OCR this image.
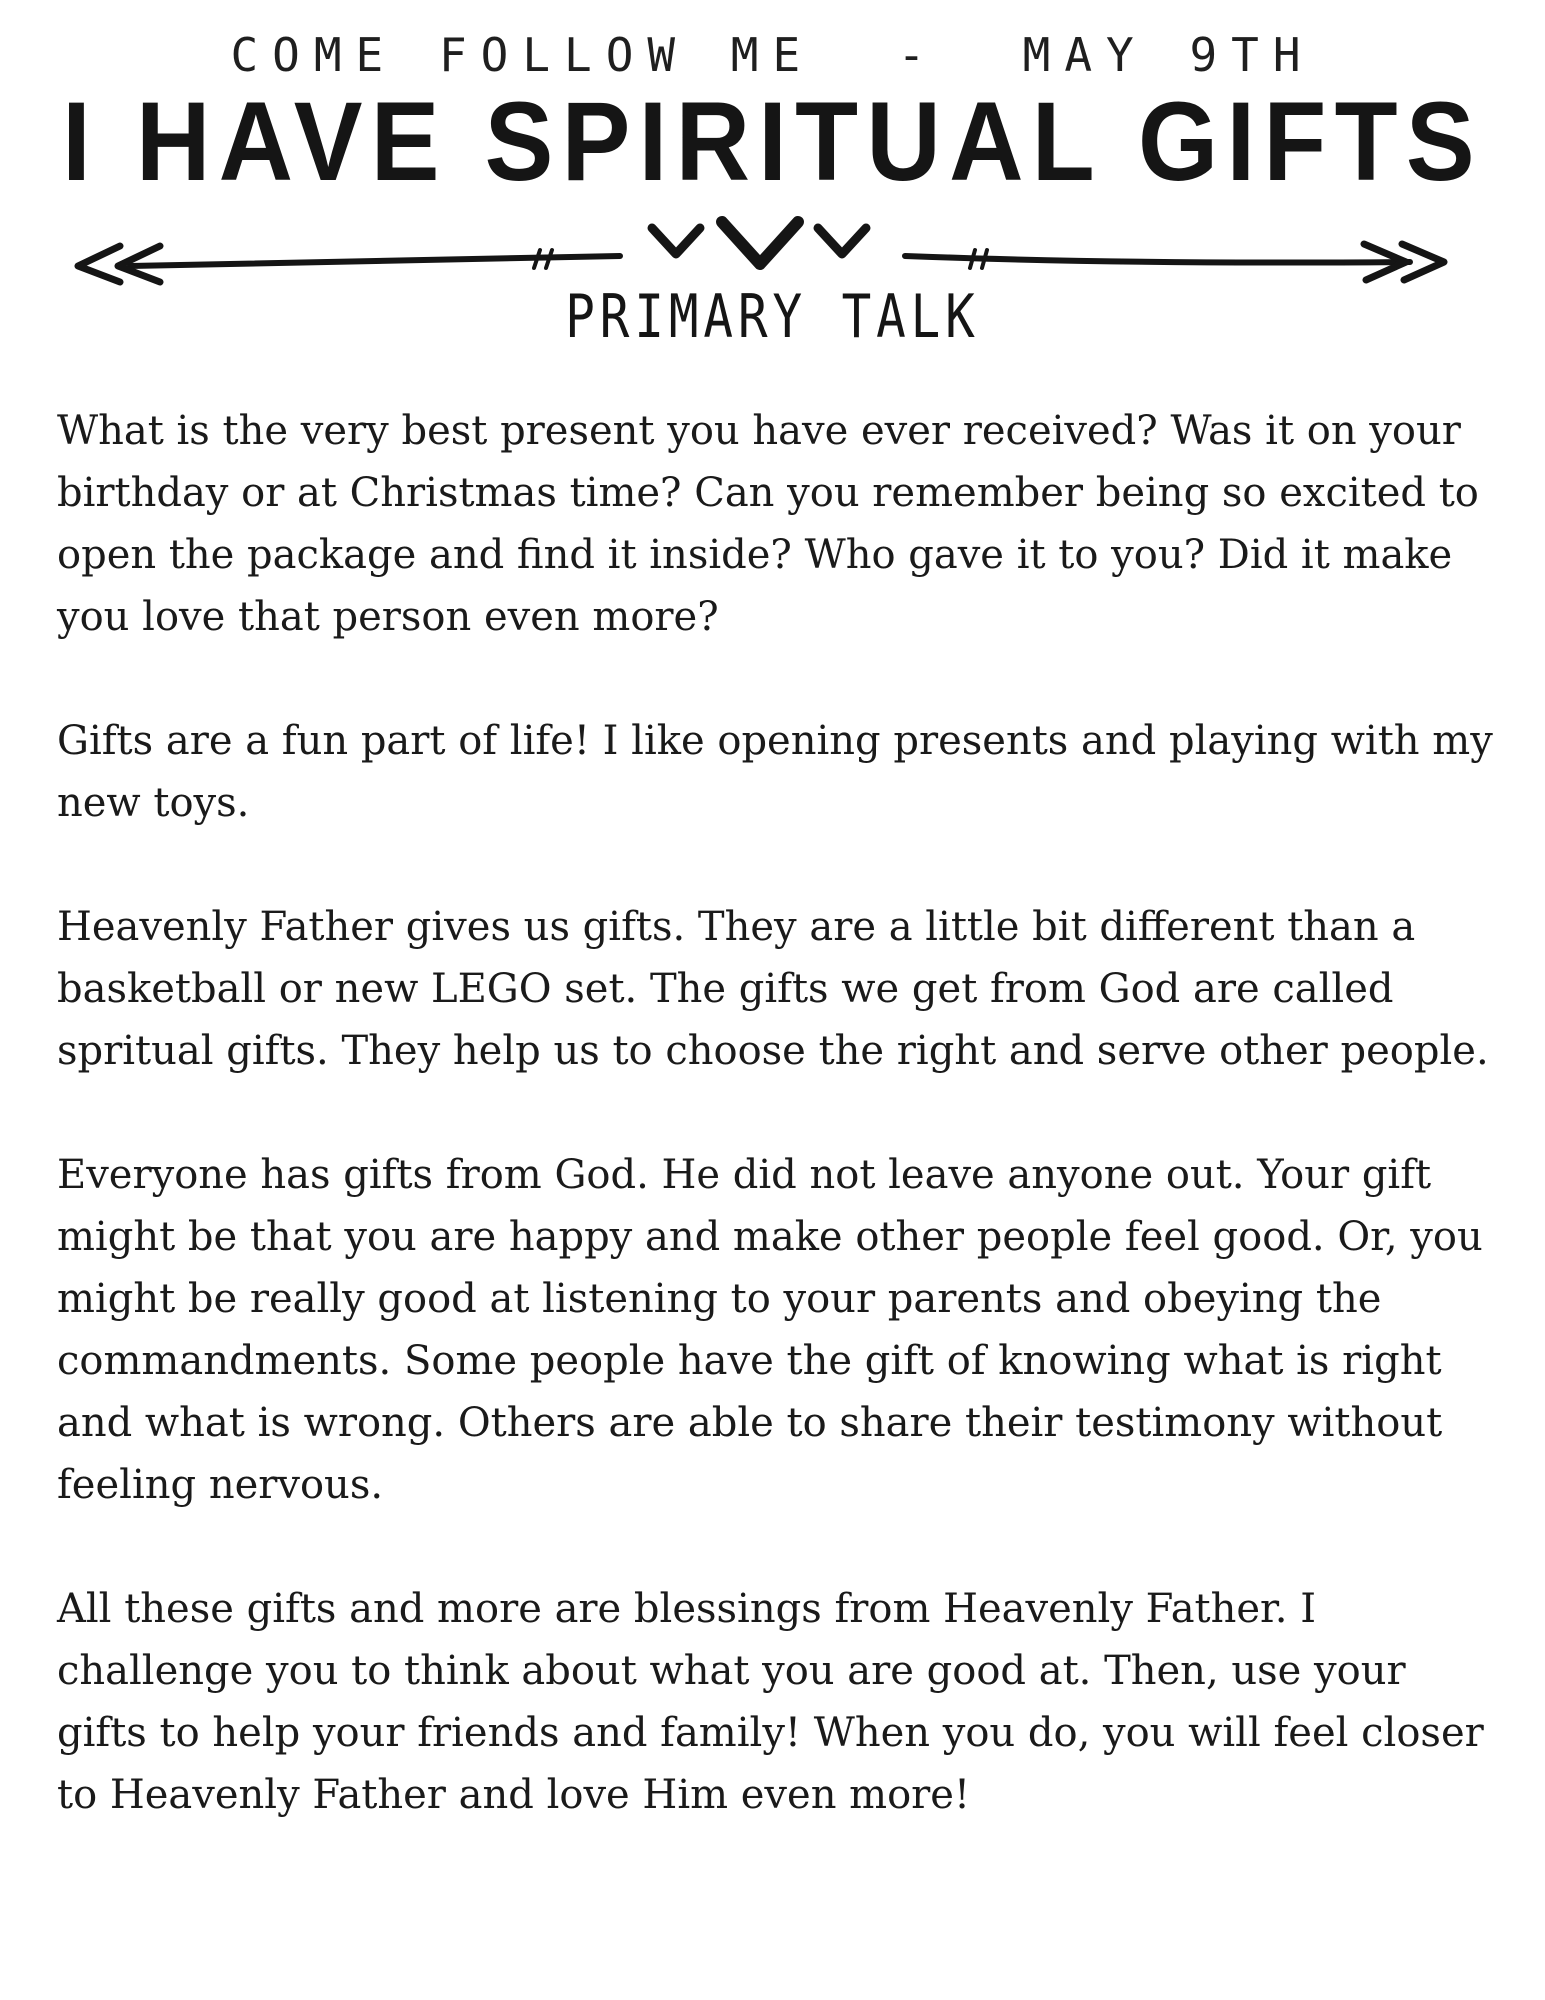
COME FOLLOW ME  -  MAY 9TH
I HAVE SPIRITUAL GIFTS
PRIMARY TALK

What is the very best present you have ever received? Was it on your birthday or at Christmas time? Can you remember being so excited to open the package and find it inside? Who gave it to you? Did it make you love that person even more?

Gifts are a fun part of life! I like opening presents and playing with my new toys.

Heavenly Father gives us gifts. They are a little bit different than a basketball or new LEGO set. The gifts we get from God are called spritual gifts. They help us to choose the right and serve other people.

Everyone has gifts from God. He did not leave anyone out. Your gift might be that you are happy and make other people feel good. Or, you might be really good at listening to your parents and obeying the commandments. Some people have the gift of knowing what is right and what is wrong. Others are able to share their testimony without feeling nervous.

All these gifts and more are blessings from Heavenly Father. I challenge you to think about what you are good at. Then, use your gifts to help your friends and family! When you do, you will feel closer to Heavenly Father and love Him even more!
